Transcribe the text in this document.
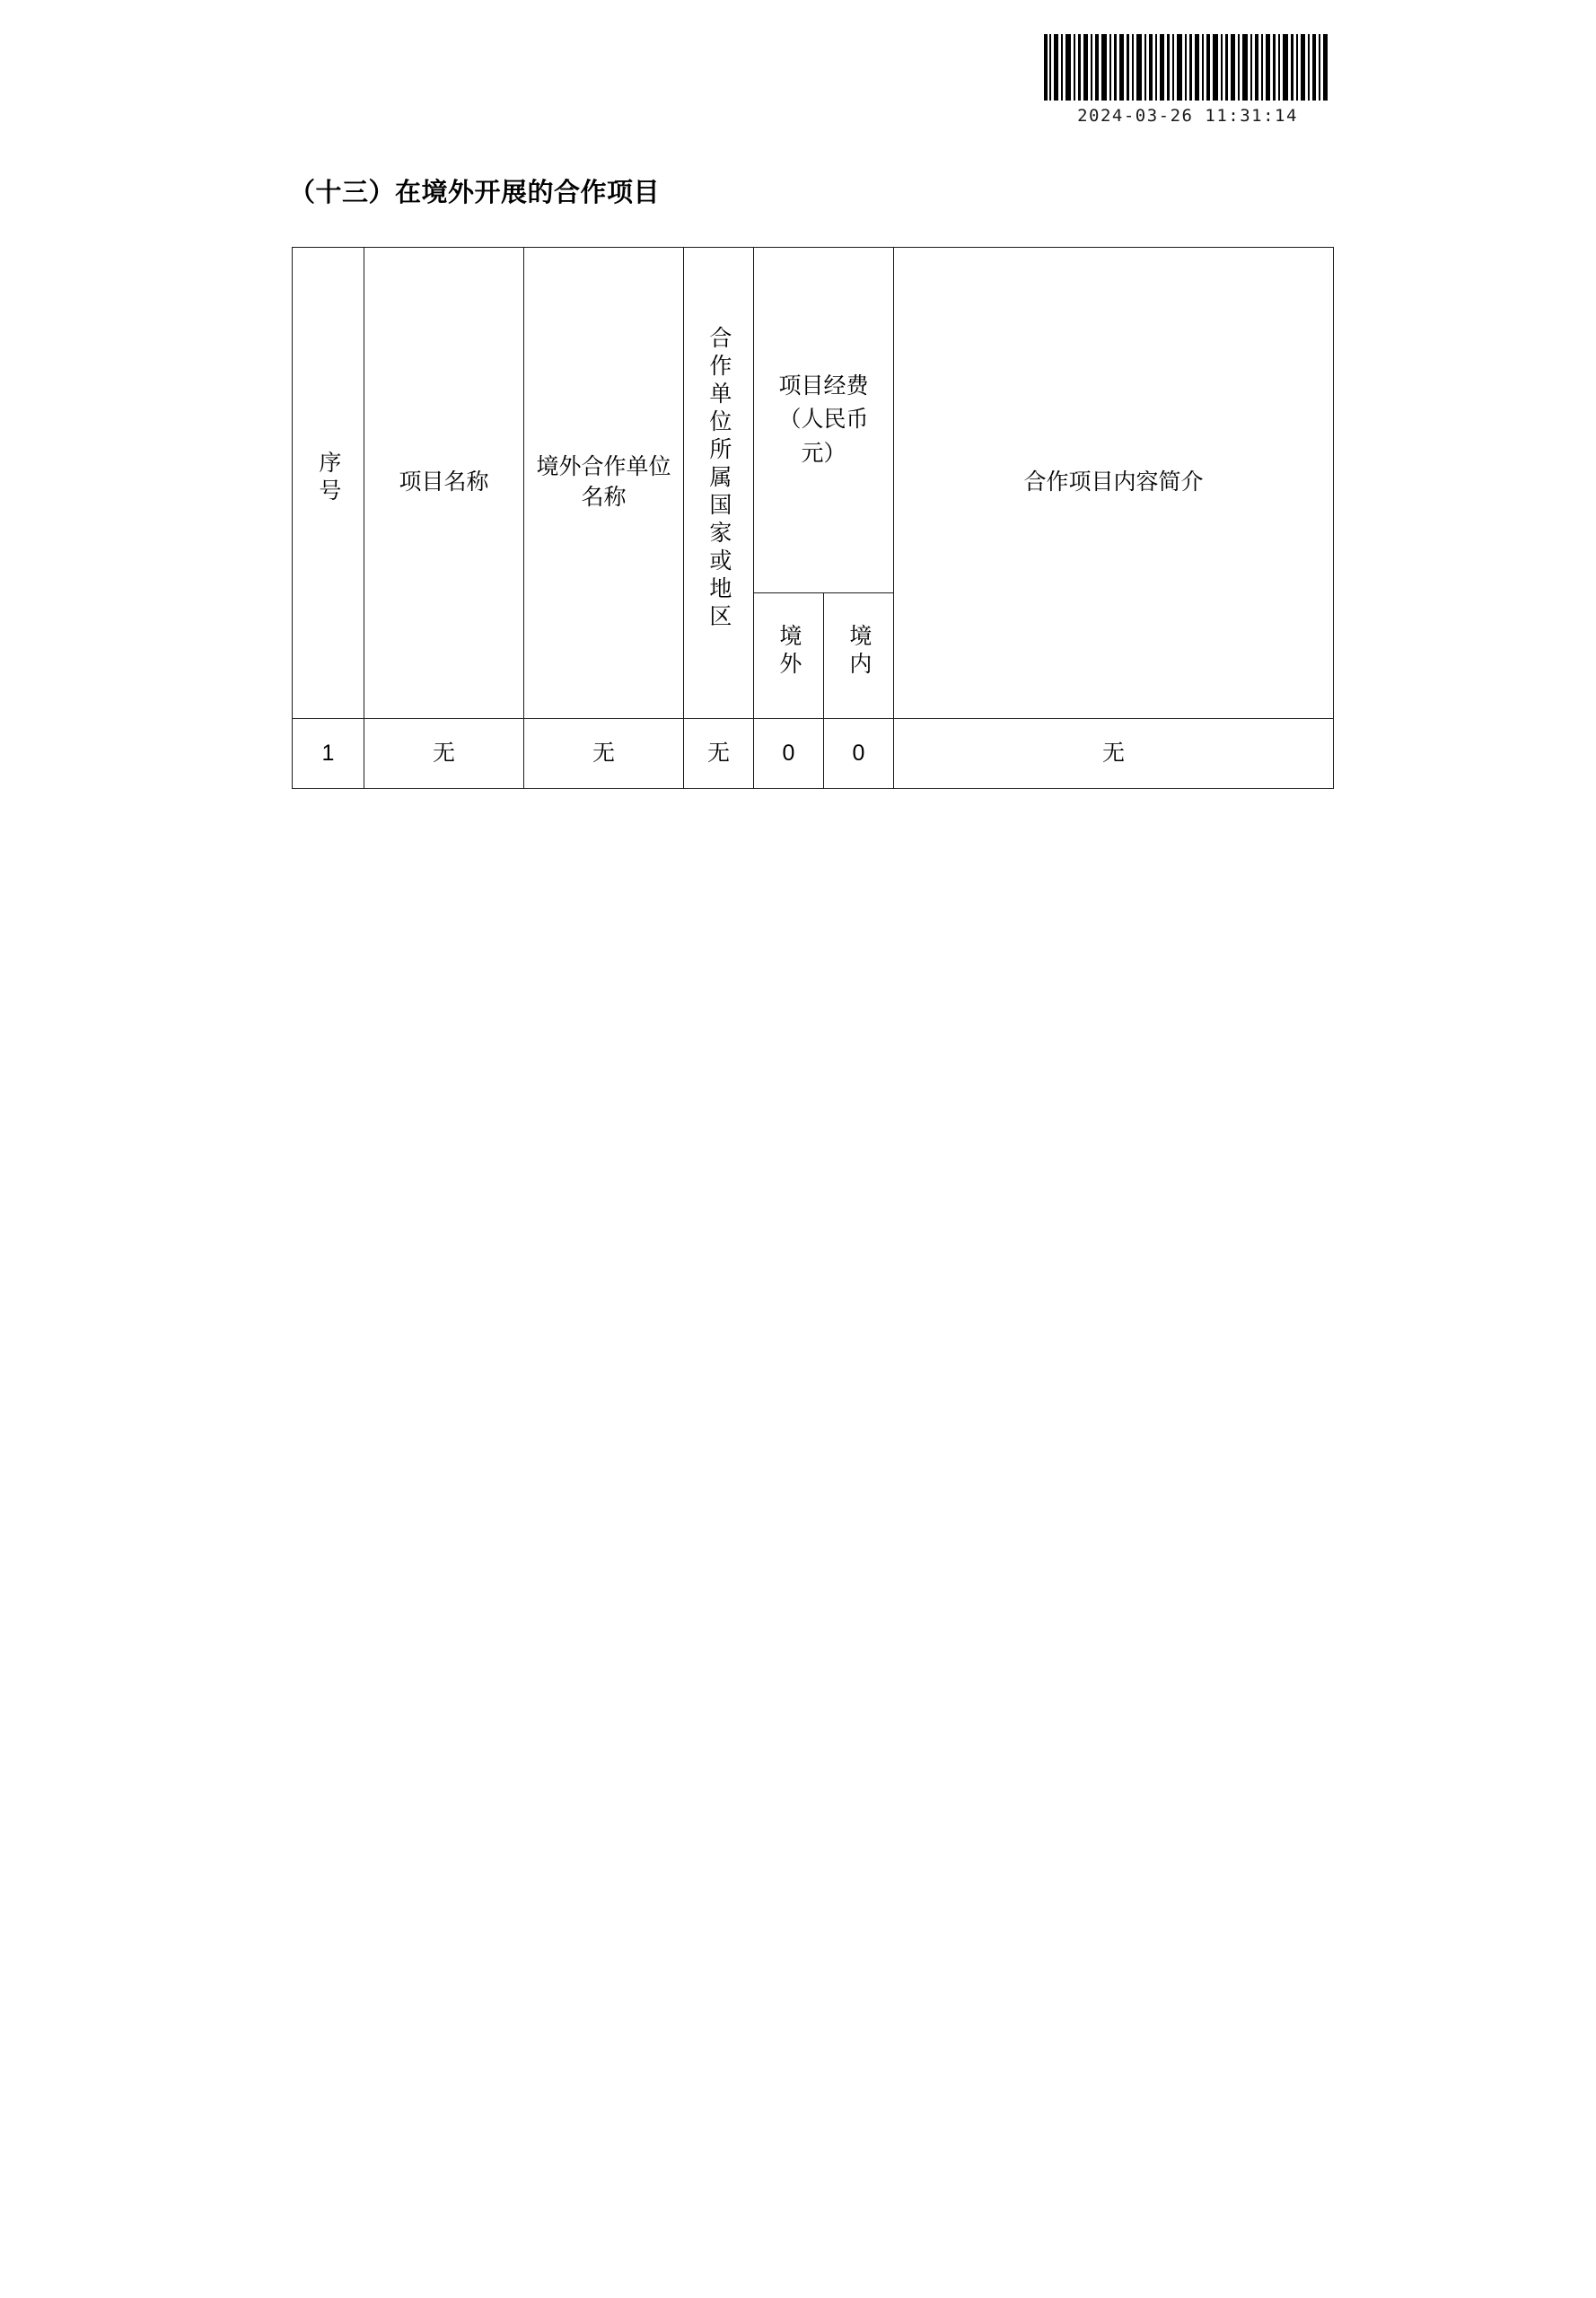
2024-03-26 11:31:14
（十三）在境外开展的合作项目
序号	项目名称	境外合作单位名称	合作单位所属国家或地区	项目经费（人民币元）		合作项目内容简介
				境外	境内	
1	无	无	无	0	0	无
